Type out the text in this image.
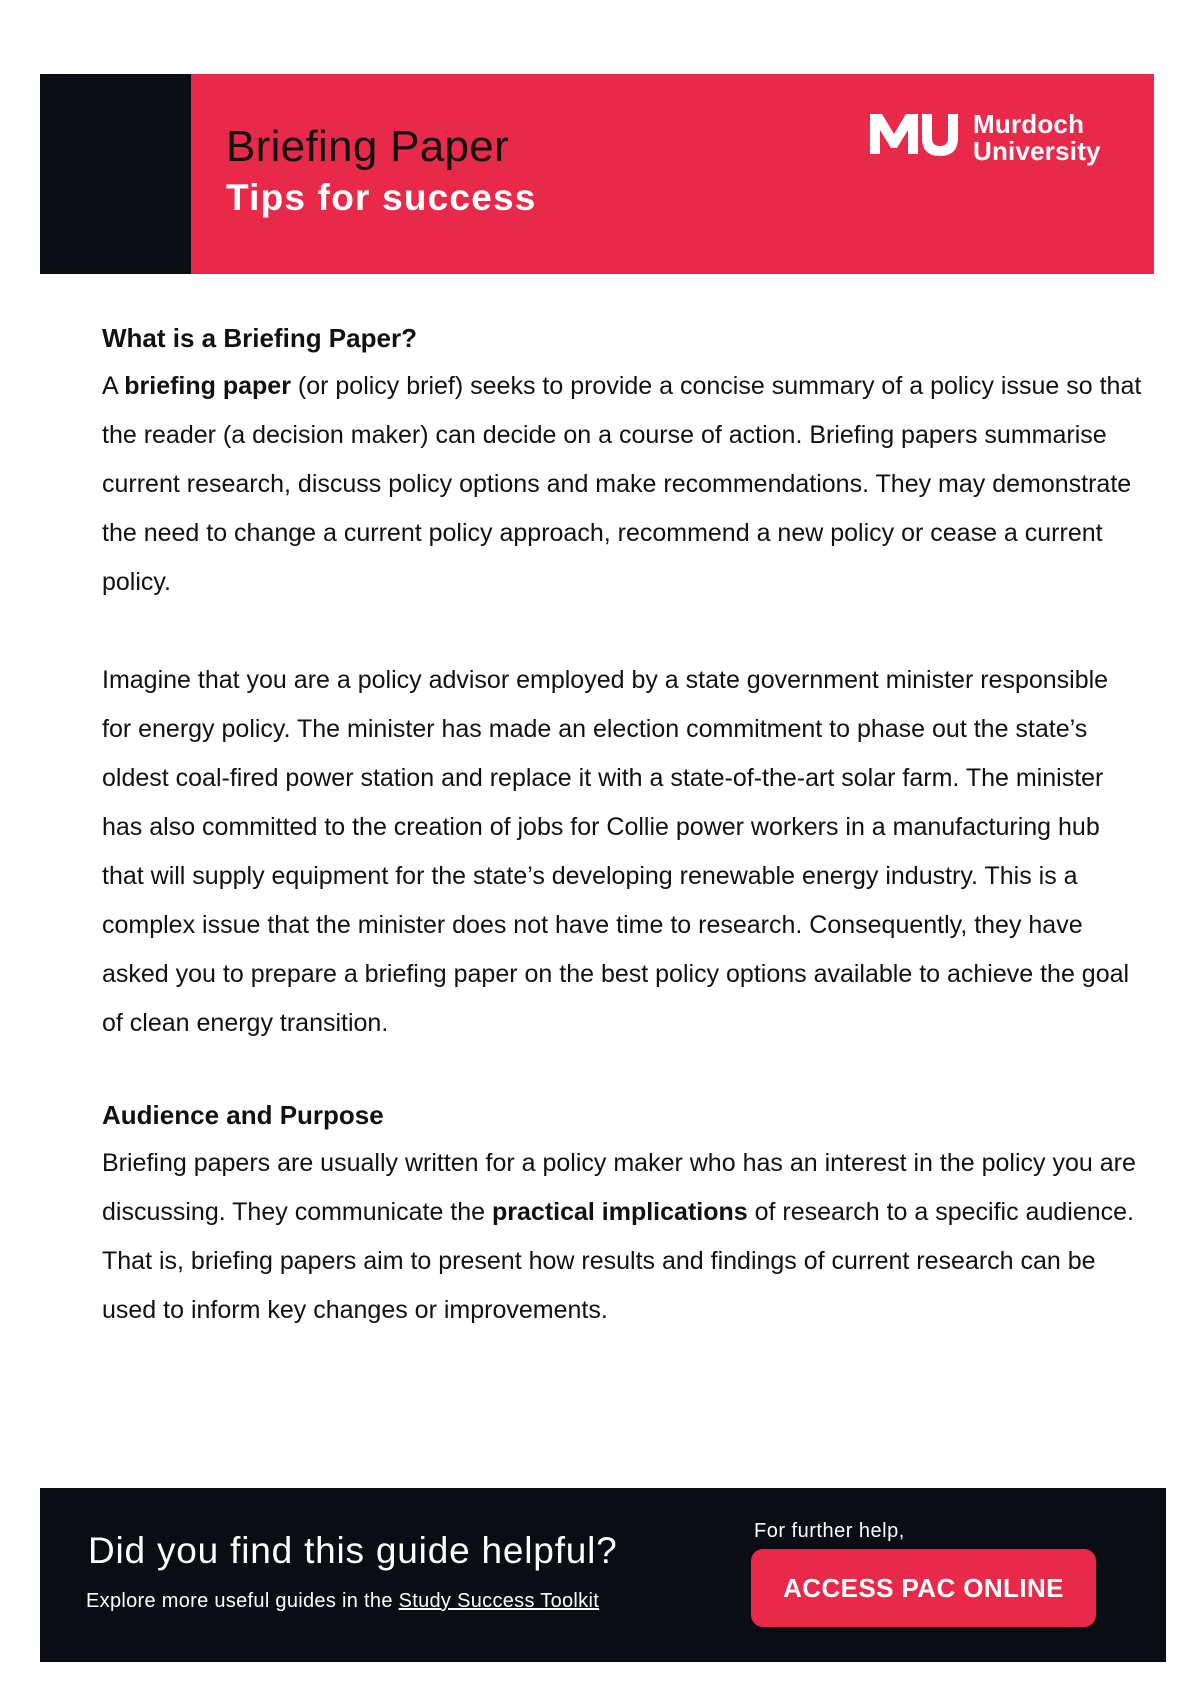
Briefing Paper
Tips for success
Murdoch
University
What is a Briefing Paper?

A briefing paper (or policy brief) seeks to provide a concise summary of a policy issue so that the reader (a decision maker) can decide on a course of action. Briefing papers summarise current research, discuss policy options and make recommendations. They may demonstrate the need to change a current policy approach, recommend a new policy or cease a current policy.

Imagine that you are a policy advisor employed by a state government minister responsible for energy policy. The minister has made an election commitment to phase out the state’s oldest coal-fired power station and replace it with a state-of-the-art solar farm. The minister has also committed to the creation of jobs for Collie power workers in a manufacturing hub that will supply equipment for the state’s developing renewable energy industry. This is a complex issue that the minister does not have time to research. Consequently, they have asked you to prepare a briefing paper on the best policy options available to achieve the goal of clean energy transition.

Audience and Purpose

Briefing papers are usually written for a policy maker who has an interest in the policy you are discussing. They communicate the practical implications of research to a specific audience. That is, briefing papers aim to present how results and findings of current research can be used to inform key changes or improvements.

Did you find this guide helpful?
Explore more useful guides in the Study Success Toolkit
For further help,
ACCESS PAC ONLINE
